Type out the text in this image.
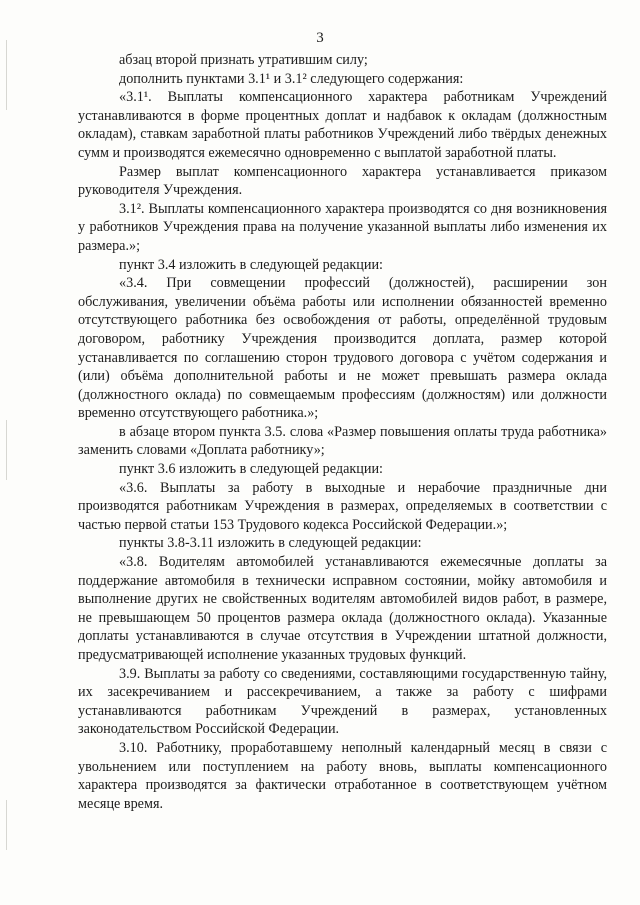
3

абзац второй признать утратившим силу;

дополнить пунктами 3.1¹ и 3.1² следующего содержания:

«3.1¹. Выплаты компенсационного характера работникам Учреждений устанавливаются в форме процентных доплат и надбавок к окладам (должностным окладам), ставкам заработной платы работников Учреждений либо твёрдых денежных сумм и производятся ежемесячно одновременно с выплатой заработной платы.

Размер выплат компенсационного характера устанавливается приказом руководителя Учреждения.

3.1². Выплаты компенсационного характера производятся со дня возникновения у работников Учреждения права на получение указанной выплаты либо изменения их размера.»;

пункт 3.4 изложить в следующей редакции:

«3.4. При совмещении профессий (должностей), расширении зон обслуживания, увеличении объёма работы или исполнении обязанностей временно отсутствующего работника без освобождения от работы, определённой трудовым договором, работнику Учреждения производится доплата, размер которой устанавливается по соглашению сторон трудового договора с учётом содержания и (или) объёма дополнительной работы и не может превышать размера оклада (должностного оклада) по совмещаемым профессиям (должностям) или должности временно отсутствующего работника.»;

в абзаце втором пункта 3.5. слова «Размер повышения оплаты труда работника» заменить словами «Доплата работнику»;

пункт 3.6 изложить в следующей редакции:

«3.6. Выплаты за работу в выходные и нерабочие праздничные дни производятся работникам Учреждения в размерах, определяемых в соответствии с частью первой статьи 153 Трудового кодекса Российской Федерации.»;

пункты 3.8-3.11 изложить в следующей редакции:

«3.8. Водителям автомобилей устанавливаются ежемесячные доплаты за поддержание автомобиля в технически исправном состоянии, мойку автомобиля и выполнение других не свойственных водителям автомобилей видов работ, в размере, не превышающем 50 процентов размера оклада (должностного оклада). Указанные доплаты устанавливаются в случае отсутствия в Учреждении штатной должности, предусматривающей исполнение указанных трудовых функций.

3.9. Выплаты за работу со сведениями, составляющими государственную тайну, их засекречиванием и рассекречиванием, а также за работу с шифрами устанавливаются работникам Учреждений в размерах, установленных законодательством Российской Федерации.

3.10. Работнику, проработавшему неполный календарный месяц в связи с увольнением или поступлением на работу вновь, выплаты компенсационного характера производятся за фактически отработанное в соответствующем учётном месяце время.
